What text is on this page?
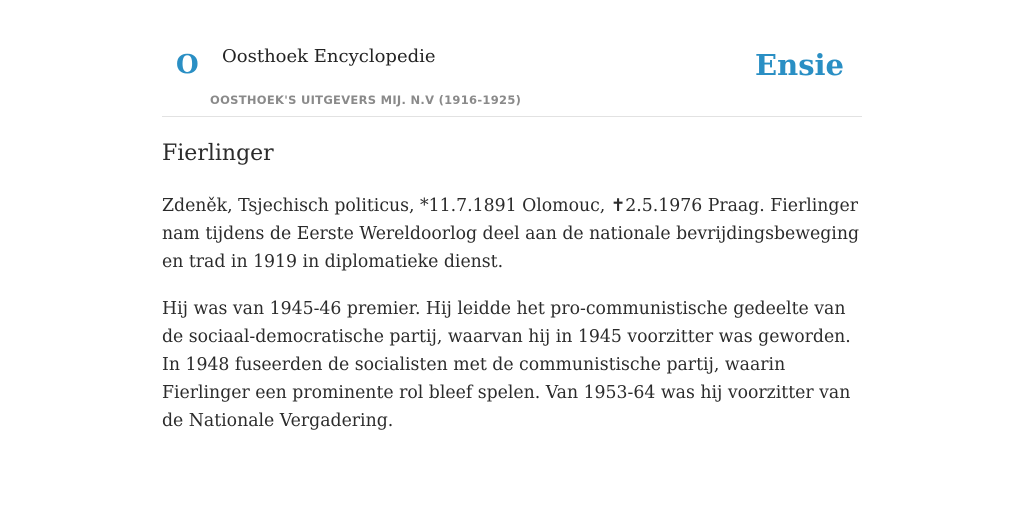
O Oosthoek Encyclopedie
OOSTHOEK'S UITGEVERS MIJ. N.V (1916-1925)
Ensie
Fierlinger

Zdeněk, Tsjechisch politicus, *11.7.1891 Olomouc, ✝2.5.1976 Praag. Fierlinger nam tijdens de Eerste Wereldoorlog deel aan de nationale bevrijdingsbeweging en trad in 1919 in diplomatieke dienst.

Hij was van 1945-46 premier. Hij leidde het pro-communistische gedeelte van de sociaal-democratische partij, waarvan hij in 1945 voorzitter was geworden. In 1948 fuseerden de socialisten met de communistische partij, waarin Fierlinger een prominente rol bleef spelen. Van 1953-64 was hij voorzitter van de Nationale Vergadering.
